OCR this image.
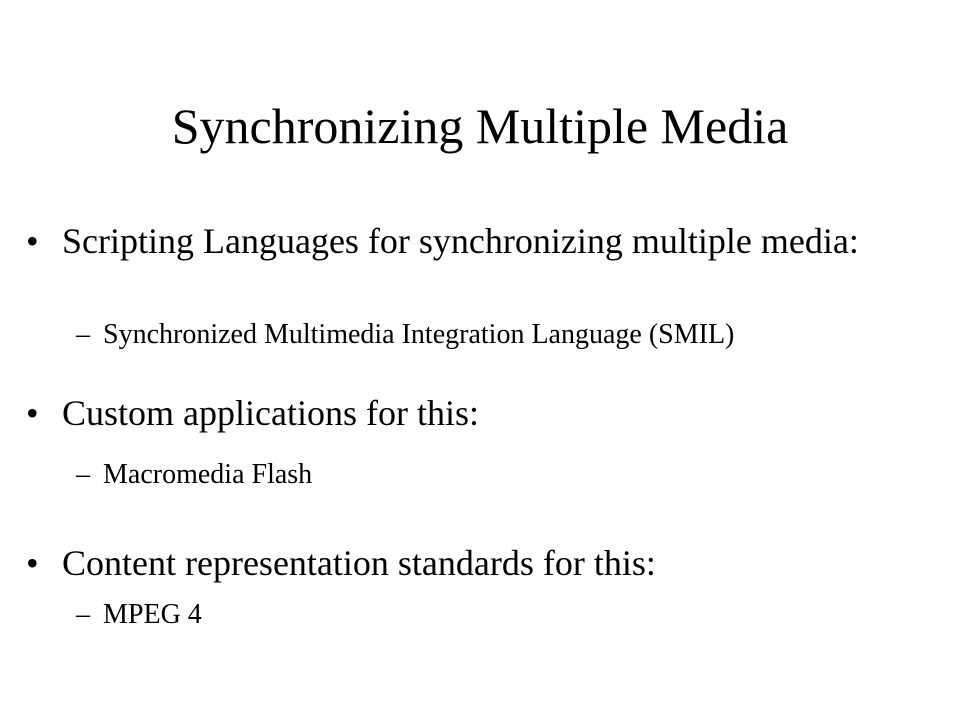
Synchronizing Multiple Media
• Scripting Languages for synchronizing multiple media:
– Synchronized Multimedia Integration Language (SMIL)
• Custom applications for this:
– Macromedia Flash
• Content representation standards for this:
– MPEG 4
